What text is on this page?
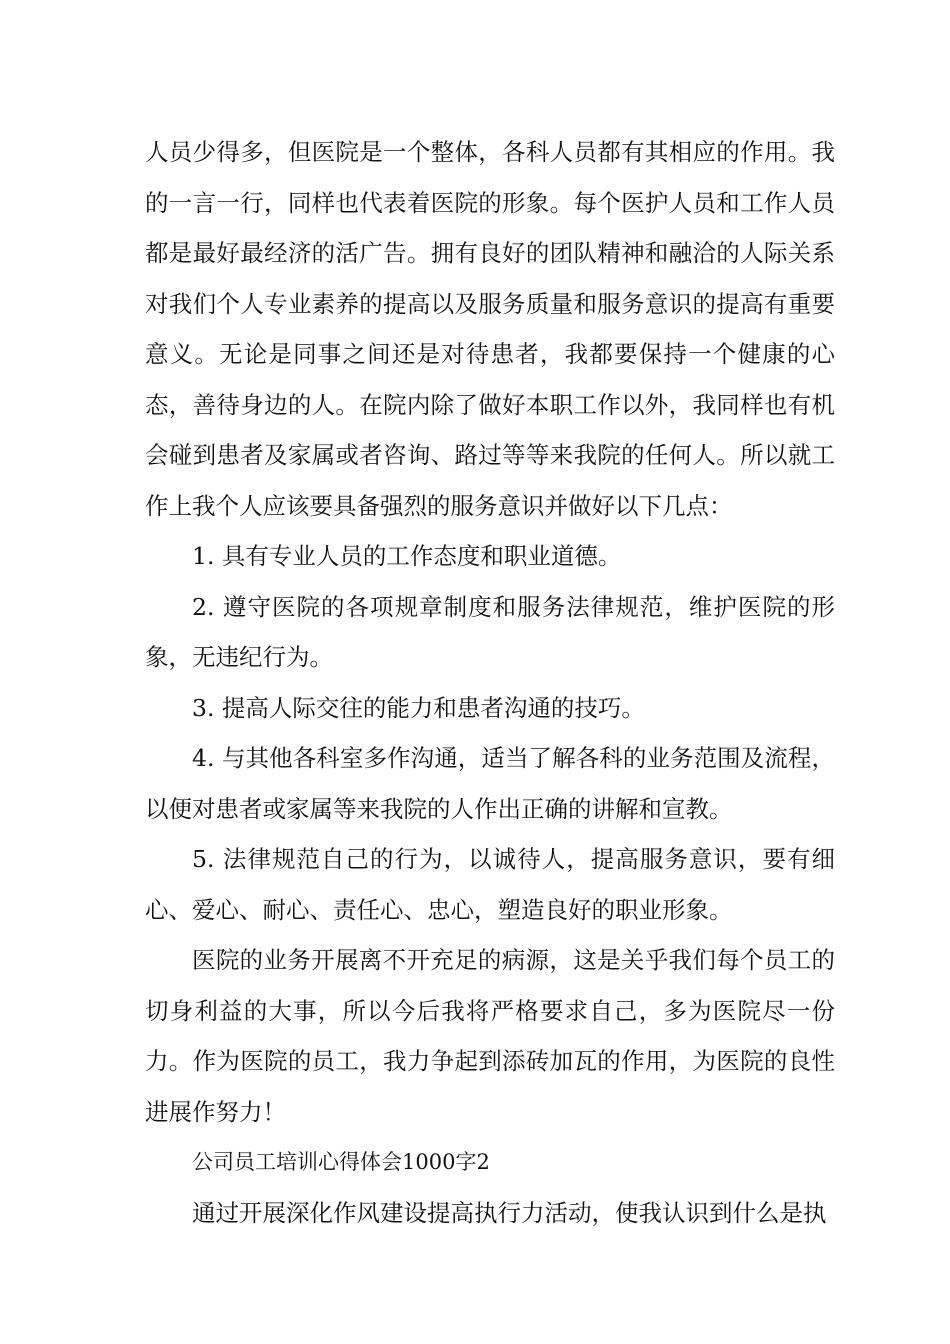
人员少得多，但医院是一个整体，各科人员都有其相应的作用。我的一言一行，同样也代表着医院的形象。每个医护人员和工作人员都是最好最经济的活广告。拥有良好的团队精神和融洽的人际关系对我们个人专业素养的提高以及服务质量和服务意识的提高有重要意义。无论是同事之间还是对待患者，我都要保持一个健康的心态，善待身边的人。在院内除了做好本职工作以外，我同样也有机会碰到患者及家属或者咨询、路过等等来我院的任何人。所以就工作上我个人应该要具备强烈的服务意识并做好以下几点：

1. 具有专业人员的工作态度和职业道德。

2. 遵守医院的各项规章制度和服务法律规范，维护医院的形象，无违纪行为。

3. 提高人际交往的能力和患者沟通的技巧。

4. 与其他各科室多作沟通，适当了解各科的业务范围及流程，以便对患者或家属等来我院的人作出正确的讲解和宣教。

5. 法律规范自己的行为，以诚待人，提高服务意识，要有细心、爱心、耐心、责任心、忠心，塑造良好的职业形象。

医院的业务开展离不开充足的病源，这是关乎我们每个员工的切身利益的大事，所以今后我将严格要求自己，多为医院尽一份力。作为医院的员工，我力争起到添砖加瓦的作用，为医院的良性进展作努力！

公司员工培训心得体会1000字2

通过开展深化作风建设提高执行力活动，使我认识到什么是执
